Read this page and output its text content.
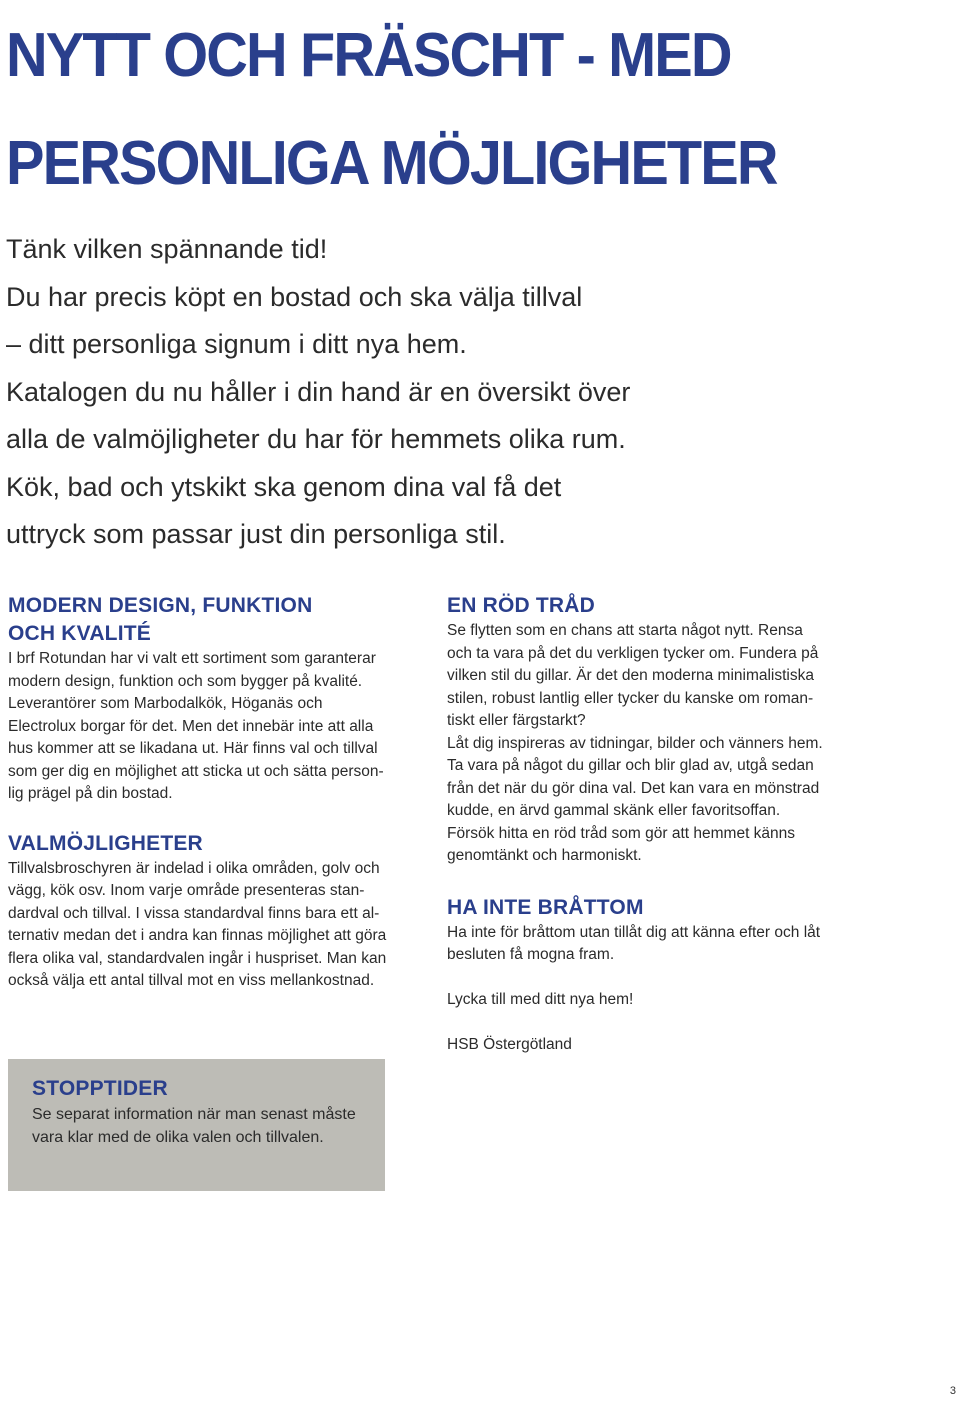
NYTT OCH FRÄSCHT - MED
PERSONLIGA MÖJLIGHETER

Tänk vilken spännande tid!
Du har precis köpt en bostad och ska välja tillval
– ditt personliga signum i ditt nya hem.
Katalogen du nu håller i din hand är en översikt över
alla de valmöjligheter du har för hemmets olika rum.
Kök, bad och ytskikt ska genom dina val få det
uttryck som passar just din personliga stil.

MODERN DESIGN, FUNKTION
OCH KVALITÉ

I brf Rotundan har vi valt ett sortiment som garanterar
modern design, funktion och som bygger på kvalité.
Leverantörer som Marbodalkök, Höganäs och
Electrolux borgar för det. Men det innebär inte att alla
hus kommer att se likadana ut. Här finns val och tillval
som ger dig en möjlighet att sticka ut och sätta person-
lig prägel på din bostad.

VALMÖJLIGHETER

Tillvalsbroschyren är indelad i olika områden, golv och
vägg, kök osv. Inom varje område presenteras stan-
dardval och tillval. I vissa standardval finns bara ett al-
ternativ medan det i andra kan finnas möjlighet att göra
flera olika val, standardvalen ingår i huspriset. Man kan
också välja ett antal tillval mot en viss mellankostnad.

EN RÖD TRÅD

Se flytten som en chans att starta något nytt. Rensa
och ta vara på det du verkligen tycker om. Fundera på
vilken stil du gillar. Är det den moderna minimalistiska
stilen, robust lantlig eller tycker du kanske om roman-
tiskt eller färgstarkt?
Låt dig inspireras av tidningar, bilder och vänners hem.
Ta vara på något du gillar och blir glad av, utgå sedan
från det när du gör dina val. Det kan vara en mönstrad
kudde, en ärvd gammal skänk eller favoritsoffan.
Försök hitta en röd tråd som gör att hemmet känns
genomtänkt och harmoniskt.

HA INTE BRÅTTOM

Ha inte för bråttom utan tillåt dig att känna efter och låt
besluten få mogna fram.

Lycka till med ditt nya hem!

HSB Östergötland

STOPPTIDER

Se separat information när man senast måste
vara klar med de olika valen och tillvalen.

3
